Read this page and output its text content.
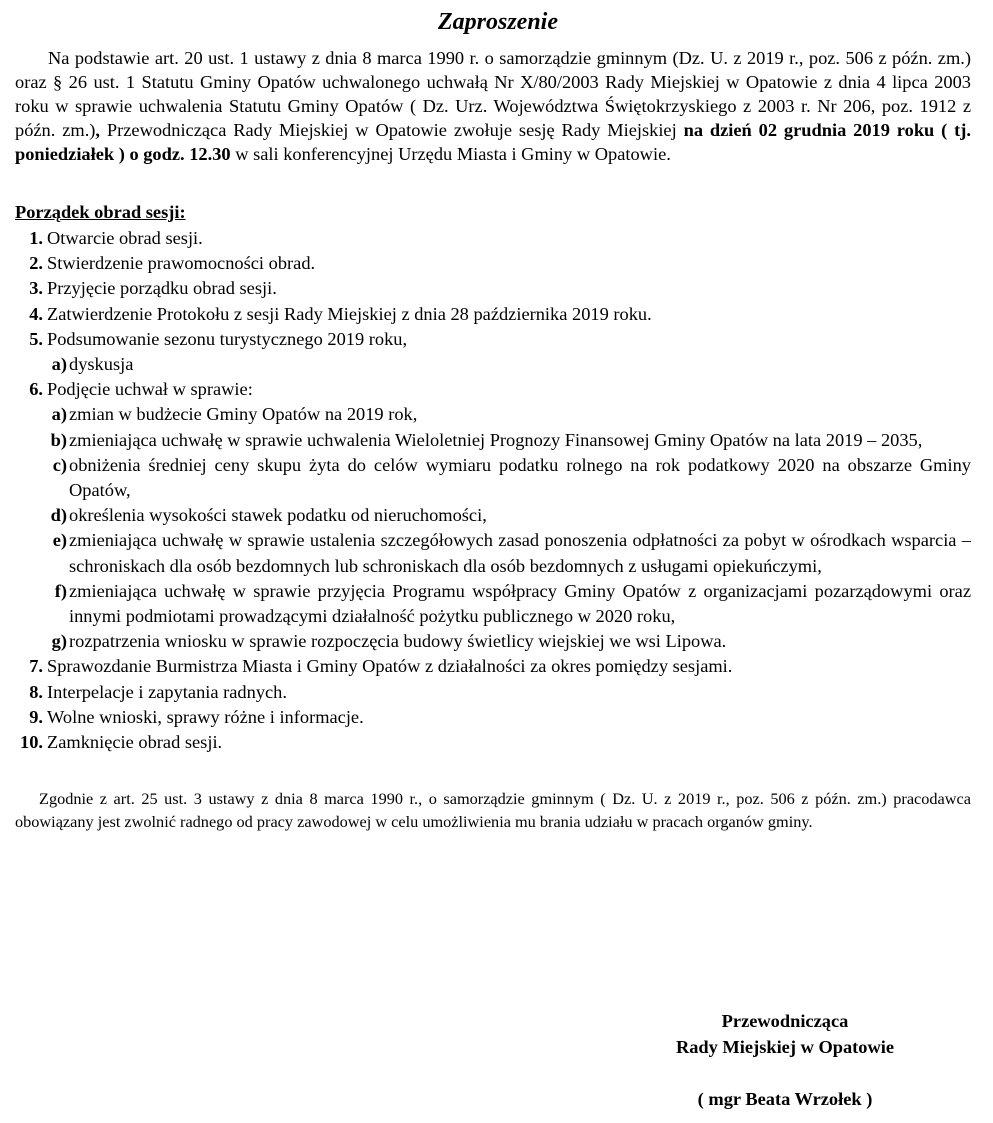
Zaproszenie

Na podstawie art. 20 ust. 1 ustawy z dnia 8 marca 1990 r. o samorządzie gminnym (Dz. U. z 2019 r., poz. 506 z późn. zm.) oraz § 26 ust. 1 Statutu Gminy Opatów uchwalonego uchwałą Nr X/80/2003 Rady Miejskiej w Opatowie z dnia 4 lipca 2003 roku w sprawie uchwalenia Statutu Gminy Opatów ( Dz. Urz. Województwa Świętokrzyskiego z 2003 r. Nr 206, poz. 1912 z późn. zm.), Przewodnicząca Rady Miejskiej w Opatowie zwołuje sesję Rady Miejskiej na dzień 02 grudnia 2019 roku ( tj. poniedziałek ) o godz. 12.30 w sali konferencyjnej Urzędu Miasta i Gminy w Opatowie.

Porządek obrad sesji:
1. Otwarcie obrad sesji.
2. Stwierdzenie prawomocności obrad.
3. Przyjęcie porządku obrad sesji.
4. Zatwierdzenie Protokołu z sesji Rady Miejskiej z dnia 28 października 2019 roku.
5. Podsumowanie sezonu turystycznego 2019 roku,
a) dyskusja
6. Podjęcie uchwał w sprawie:
a) zmian w budżecie Gminy Opatów na 2019 rok,
b) zmieniająca uchwałę w sprawie uchwalenia Wieloletniej Prognozy Finansowej Gminy Opatów na lata 2019 – 2035,
c) obniżenia średniej ceny skupu żyta do celów wymiaru podatku rolnego na rok podatkowy 2020 na obszarze Gminy Opatów,
d) określenia wysokości stawek podatku od nieruchomości,
e) zmieniająca uchwałę w sprawie ustalenia szczegółowych zasad ponoszenia odpłatności za pobyt w ośrodkach wsparcia – schroniskach dla osób bezdomnych lub schroniskach dla osób bezdomnych z usługami opiekuńczymi,
f) zmieniająca uchwałę w sprawie przyjęcia Programu współpracy Gminy Opatów z organizacjami pozarządowymi oraz innymi podmiotami prowadzącymi działalność pożytku publicznego w 2020 roku,
g) rozpatrzenia wniosku w sprawie rozpoczęcia budowy świetlicy wiejskiej we wsi Lipowa.
7. Sprawozdanie Burmistrza Miasta i Gminy Opatów z działalności za okres pomiędzy sesjami.
8. Interpelacje i zapytania radnych.
9. Wolne wnioski, sprawy różne i informacje.
10. Zamknięcie obrad sesji.

Zgodnie z art. 25 ust. 3 ustawy z dnia 8 marca 1990 r., o samorządzie gminnym ( Dz. U. z 2019 r., poz. 506 z późn. zm.) pracodawca obowiązany jest zwolnić radnego od pracy zawodowej w celu umożliwienia mu brania udziału w pracach organów gminy.

Przewodnicząca
Rady Miejskiej w Opatowie
( mgr Beata Wrzołek )
